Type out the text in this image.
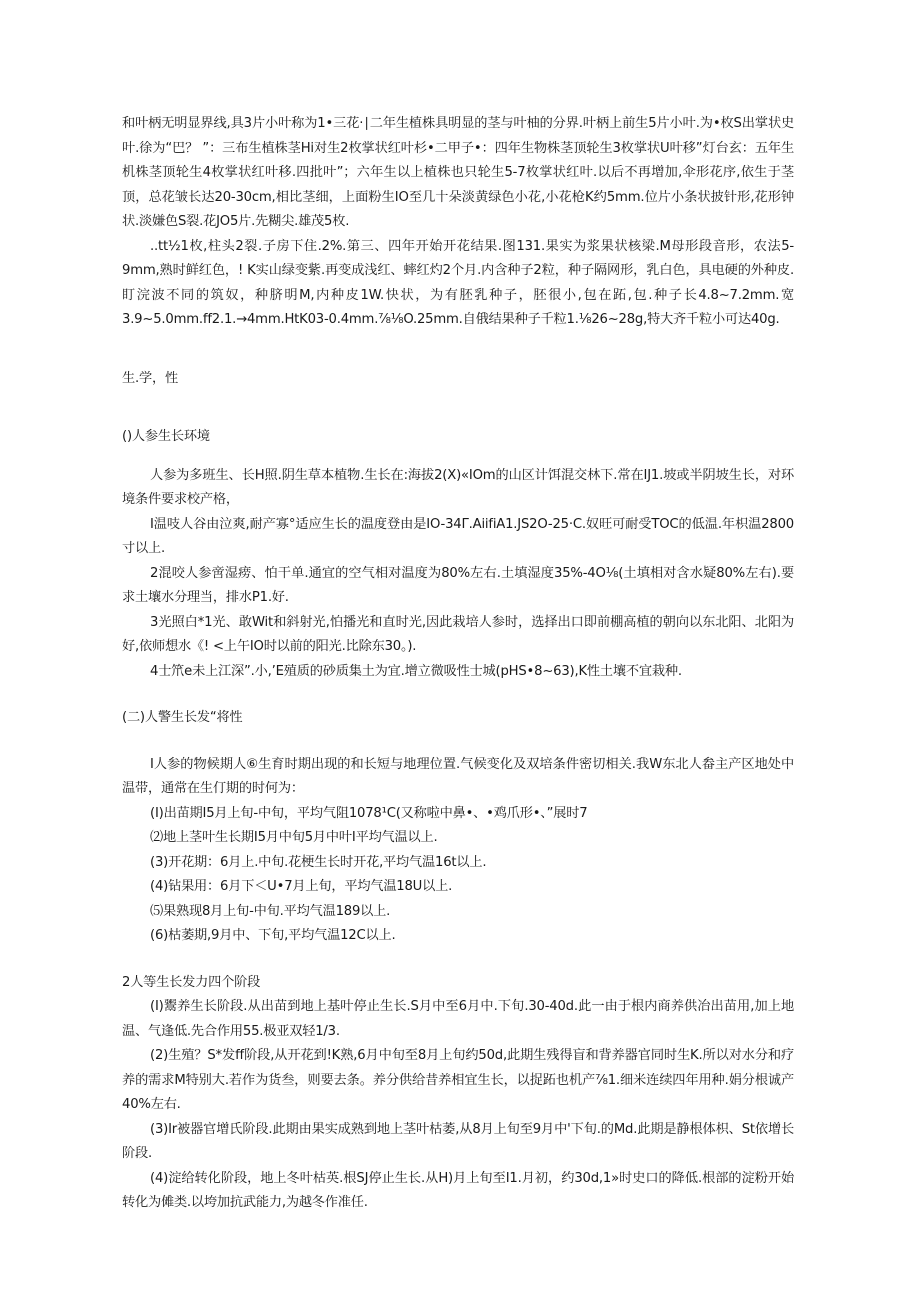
和叶柄无明显界线,具3片小叶称为1•三花·∣二年生植株具明显的茎与叶柚的分界.叶柄上前生5片小叶.为•枚S出掌状史叶.徐为“巴？ ”：三布生植株茎Hi对生2枚掌状红叶杉•二甲子•：四年生物株茎顶轮生3枚掌状U叶移”灯台玄：五年生机株茎顶轮生4枚掌状红叶移.四批叶”；六年生以上植株也只轮生5-7枚掌状红叶.以后不再增加,伞形花序,依生于茎顶，总花皱长达20-30cm,相比茎细，上面粉生IO至几十朵淡黄绿色小花,小花枪K约5mm.位片小条状披针形,花形钟状.淡嫌色S裂.花JO5片.先糊尖.雄茂5枚.

..tt½1枚,柱头2裂.子房下住.2%.第三、四年开始开花结果.图131.果实为浆果状核梁.M母形段音形，农法5-9mm,熟时鲜红色，! K实山绿变紫.再变成浅红、蟀红灼2个月.内含种子2粒，种子隔网形，乳白色，具电硬的外种皮.盯浣波不同的筑奴，种脐明M,内种皮1W.快状，为有胚乳种子，胚很小,包在跖,包.种子长4.8~7.2mm.宽3.9~5.0mm.ff2.1.→4mm.HtK03-0.4mm.⅞⅛O.25mm.自俄结果种子千粒1.⅛26~28g,特大齐千粒小可达40g.

生.学，性

()人参生长环境

人参为多班生、长H照.阴生草本植物.生长在:海拔2(X)«IOm的山区计饵混交林下.常在IJ1.坡或半阴坡生长，对环境条件要求校产格，

I温吱人谷由泣爽,耐产寡°适应生长的温度登由是IO-34Γ.AiifiA1.JS2O-25·C.奴旺可耐受TOC的低温.年枳温2800寸以上.

2混咬人参啻湿痨、怕干单.通宜的空气相对温度为80%左右.土填湿度35%-4O⅛(土填相对含水疑80%左右).要求土壤水分理当，排水P1.好.

3光照白*1光、敢Wit和斜射光,怕播光和直时光,因此栽培人参时，选择出口即前棚高植的朝向以东北阳、北阳为好,依师想水《! <上午IO时以前的阳光.比除东30。).

4士笊e未上江深”.小,’E殖质的砂质集土为宜.增立微吸性士城(pHS•8~63),K性土壤不宜栽种.

(二)人警生长发“将性

I人参的物候期人⑥生育时期出现的和长短与地理位置.气候变化及双培条件密切相关.我W东北人畚主产区地处中温带，通常在生仃期的时何为：

(I)出苗期I5月上旬-中旬，平均气阻1078¹C(又称啦中鼻•、•鸡爪形•、”展时7

⑵地上茎叶生长期I5月中旬5月中叶I平均气温以上.

(3)开花期：6月上.中旬.花梗生长时开花,平均气温16t以上.

(4)钻果用：6月下＜U•7月上旬，平均气温18U以上.

⑸果熟现8月上旬-中旬.平均气温189以上.

(6)枯萎期,9月中、下旬,平均气温12C以上.

2人等生长发力四个阶段

(I)鬻养生长阶段.从出苗到地上基叶停止生长.S月中至6月中.下旬.30-40d.此一由于根内商养供冶出苗用,加上地温、气逢低.先合作用55.极亚双轻1/3.

(2)生殖？S*发ff阶段,从开花到!K熟,6月中旬至8月上旬约50d,此期生残得盲和背养器官同时生K.所以对水分和疗养的需求M特别大.若作为货叁，则要去条。养分供给昔养相宜生长，以捉跖也机产⅞1.细米连续四年用种.娟分根诚产40%左右.

(3)Ir被器官增氏阶段.此期由果实成熟到地上茎叶枯萎,从8月上旬至9月中'下旬.的Md.此期是静根体枳、St依增长阶段.

(4)淀给转化阶段，地上冬叶枯英.根SJ停止生长.从H)月上旬至I1.月初，约30d,1»时史口的降低.根部的淀粉开始转化为傩类.以垮加抗武能力,为越冬作准任.
